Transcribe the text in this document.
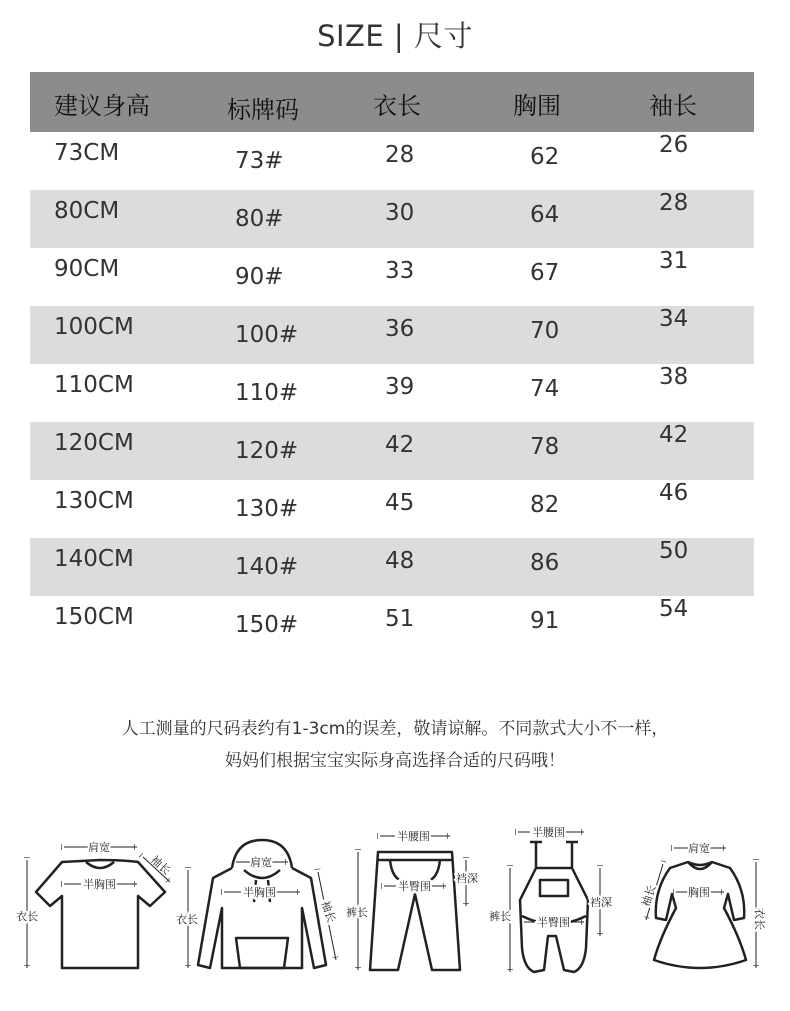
SIZE | 尺寸
建议身高	标牌码	衣长	胸围	袖长
73CM	73#	28	62	26
80CM	80#	30	64	28
90CM	90#	33	67	31
100CM	100#	36	70	34
110CM	110#	39	74	38
120CM	120#	42	78	42
130CM	130#	45	82	46
140CM	140#	48	86	50
150CM	150#	51	91	54
人工测量的尺码表约有1-3cm的误差，敬请谅解。不同款式大小不一样，
妈妈们根据宝宝实际身高选择合适的尺码哦！
肩宽
袖长
半胸围
衣长
肩宽
半胸围
衣长	袖长
半腰围
半臀围
裆深
裤长
半腰围
半臀围
裆深
裤长
肩宽
胸围
袖长
衣长
